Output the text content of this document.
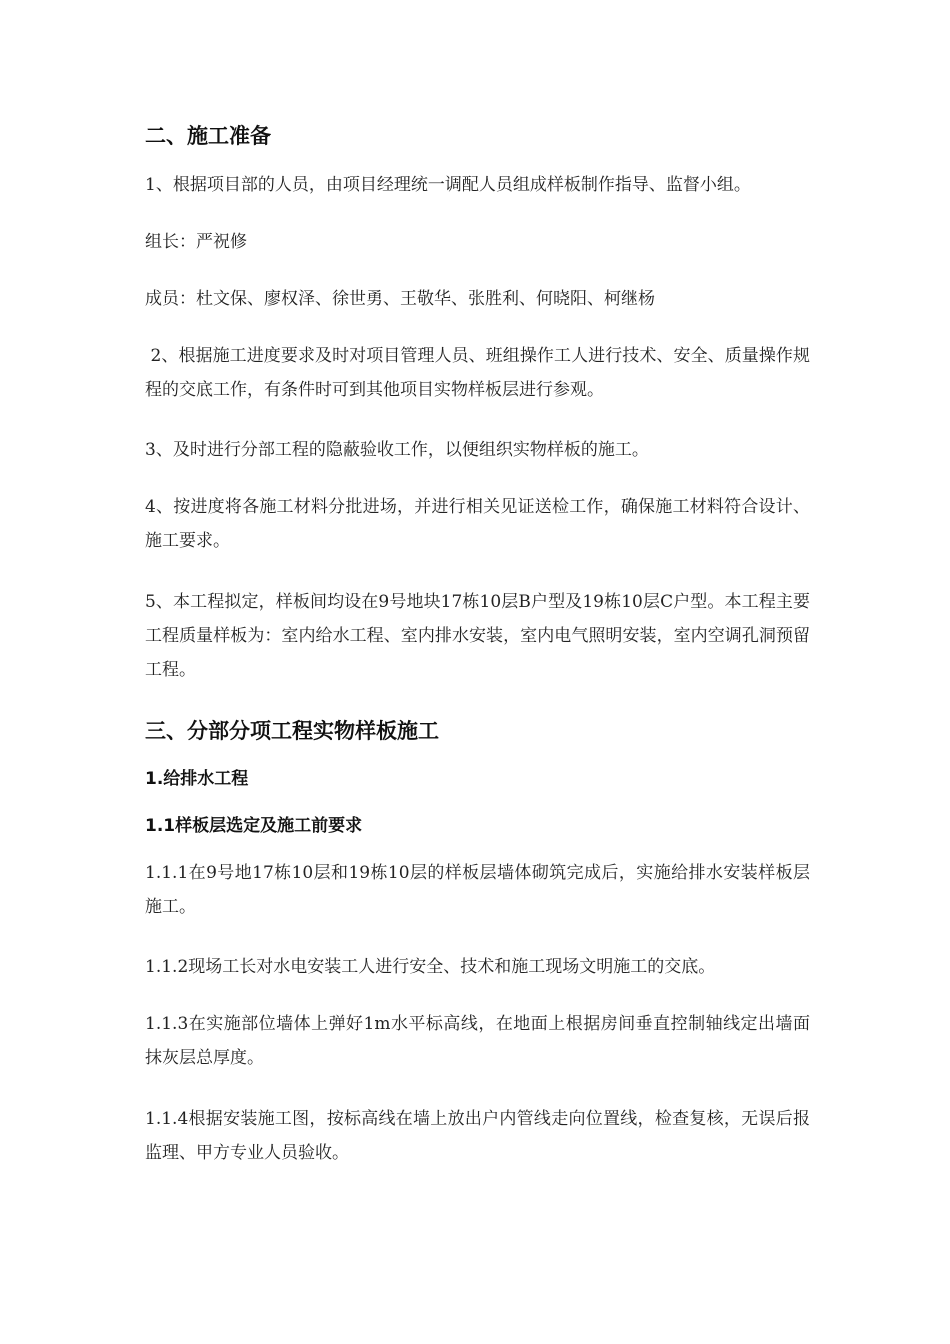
二、施工准备
1、根据项目部的人员，由项目经理统一调配人员组成样板制作指导、监督小组。
组长：严祝修
成员：杜文保、廖权泽、徐世勇、王敬华、张胜利、何晓阳、柯继杨
2、根据施工进度要求及时对项目管理人员、班组操作工人进行技术、安全、质量操作规程的交底工作，有条件时可到其他项目实物样板层进行参观。
3、及时进行分部工程的隐蔽验收工作，以便组织实物样板的施工。
4、按进度将各施工材料分批进场，并进行相关见证送检工作，确保施工材料符合设计、施工要求。
5、本工程拟定，样板间均设在9号地块17栋10层B户型及19栋10层C户型。本工程主要工程质量样板为：室内给水工程、室内排水安装，室内电气照明安装，室内空调孔洞预留工程。
三、分部分项工程实物样板施工
1.给排水工程
1.1样板层选定及施工前要求
1.1.1在9号地17栋10层和19栋10层的样板层墙体砌筑完成后，实施给排水安装样板层施工。
1.1.2现场工长对水电安装工人进行安全、技术和施工现场文明施工的交底。
1.1.3在实施部位墙体上弹好1m水平标高线，在地面上根据房间垂直控制轴线定出墙面抹灰层总厚度。
1.1.4根据安装施工图，按标高线在墙上放出户内管线走向位置线，检查复核，无误后报监理、甲方专业人员验收。
